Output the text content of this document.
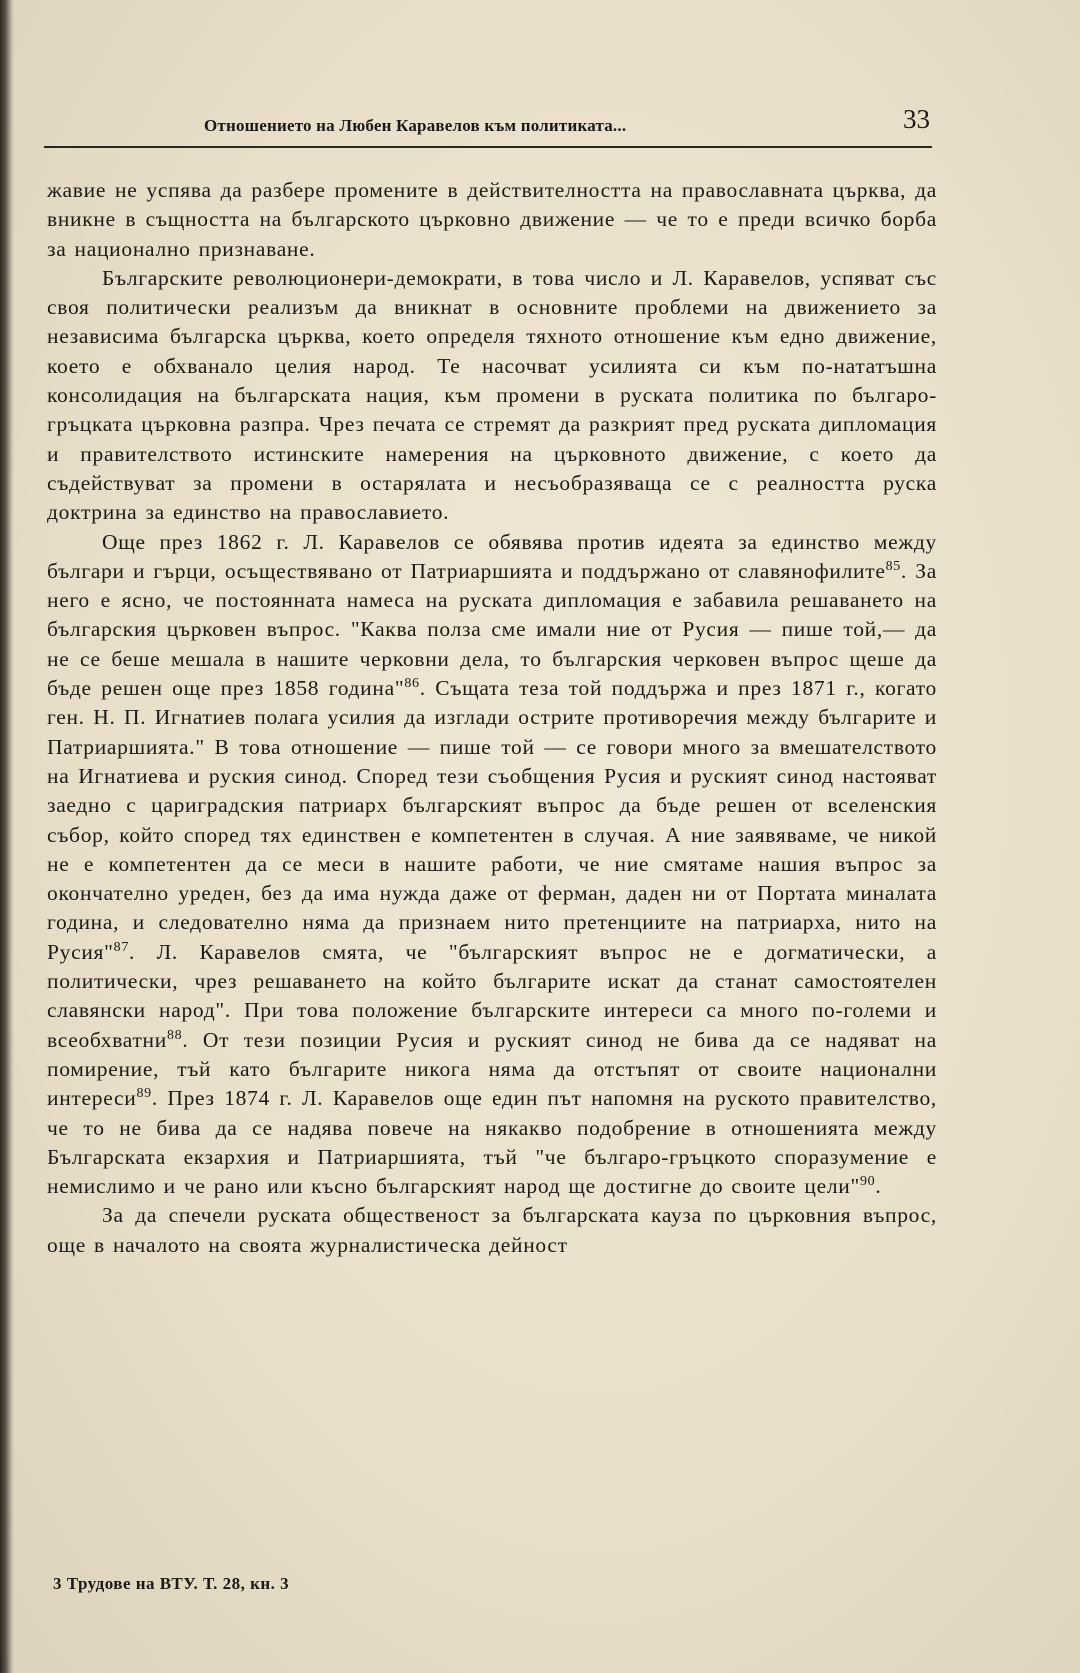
Отношението на Любен Каравелов към политиката...	33

жавие не успява да разбере промените в действителността на православната църква, да вникне в същността на българското църковно движение — че то е преди всичко борба за национално признаване.

Българските революционери-демократи, в това число и Л. Каравелов, успяват със своя политически реализъм да вникнат в основните проблеми на движението за независима българска църква, което определя тяхното отношение към едно движение, което е обхванало целия народ. Те насочват усилията си към по-нататъшна консолидация на българската нация, към промени в руската политика по българо-гръцката църковна разпра. Чрез печата се стремят да разкрият пред руската дипломация и правителството истинските намерения на църковното движение, с което да съдействуват за промени в остарялата и несъобразяваща се с реалността руска доктрина за единство на православието.

Още през 1862 г. Л. Каравелов се обявява против идеята за единство между българи и гърци, осъществявано от Патриаршията и поддържано от славянофилите$^{85}$. За него е ясно, че постоянната намеса на руската дипломация е забавила решаването на българския църковен въпрос. "Каква полза сме имали ние от Русия — пише той,— да не се беше мешала в нашите черковни дела, то българския черковен въпрос щеше да бъде решен още през 1858 година"$^{86}$. Същата теза той поддържа и през 1871 г., когато ген. Н. П. Игнатиев полага усилия да изглади острите противоречия между българите и Патриаршията." В това отношение — пише той — се говори много за вмешателството на Игнатиева и руския синод. Според тези съобщения Русия и руският синод настояват заедно с цариградския патриарх българският въпрос да бъде решен от вселенския събор, който според тях единствен е компетентен в случая. А ние заявяваме, че никой не е компетентен да се меси в нашите работи, че ние смятаме нашия въпрос за окончателно уреден, без да има нужда даже от ферман, даден ни от Портата миналата година, и следователно няма да признаем нито претенциите на патриарха, нито на Русия"$^{87}$. Л. Каравелов смята, че "българският въпрос не е догматически, а политически, чрез решаването на който българите искат да станат самостоятелен славянски народ". При това положение българските интереси са много по-големи и всеобхватни$^{88}$. От тези позиции Русия и руският синод не бива да се надяват на помирение, тъй като българите никога няма да отстъпят от своите национални интереси$^{89}$. През 1874 г. Л. Каравелов още един път напомня на руското правителство, че то не бива да се надява повече на някакво подобрение в отношенията между Българската екзархия и Патриаршията, тъй "че българо-гръцкото споразумение е немислимо и че рано или късно българският народ ще достигне до своите цели"$^{90}$.

За да спечели руската общественост за българската кауза по църковния въпрос, още в началото на своята журналистическа дейност

3 Трудове на ВТУ. Т. 28, кн. 3
